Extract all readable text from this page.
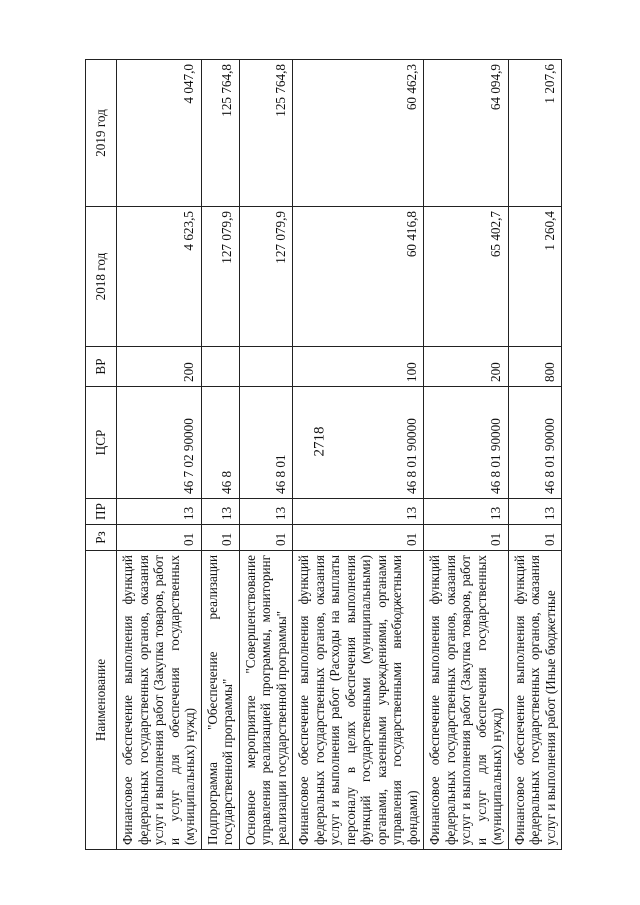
2718
Наименование	Рз	ПР	ЦСР	ВР	2018 год	2019 год
Финансовое обеспечение выполнения функций федеральных государственных органов, оказания услуг и выполнения работ (Закупка товаров, работ и услуг для обеспечения государственных (муниципальных) нужд)	01	13	46 7 02 90000	200	4 623,5	4 047,0
Подпрограмма "Обеспечение реализации государственной программы"	01	13	46 8		127 079,9	125 764,8
Основное мероприятие "Совершенствование управления реализацией программы, мониторинг реализации государственной программы"	01	13	46 8 01		127 079,9	125 764,8
Финансовое обеспечение выполнения функций федеральных государственных органов, оказания услуг и выполнения работ (Расходы на выплаты персоналу в целях обеспечения выполнения функций государственными (муниципальными) органами, казенными учреждениями, органами управления государственными внебюджетными фондами)	01	13	46 8 01 90000	100	60 416,8	60 462,3
Финансовое обеспечение выполнения функций федеральных государственных органов, оказания услуг и выполнения работ (Закупка товаров, работ и услуг для обеспечения государственных (муниципальных) нужд)	01	13	46 8 01 90000	200	65 402,7	64 094,9
Финансовое обеспечение выполнения функций федеральных государственных органов, оказания услуг и выполнения работ (Иные бюджетные	01	13	46 8 01 90000	800	1 260,4	1 207,6
